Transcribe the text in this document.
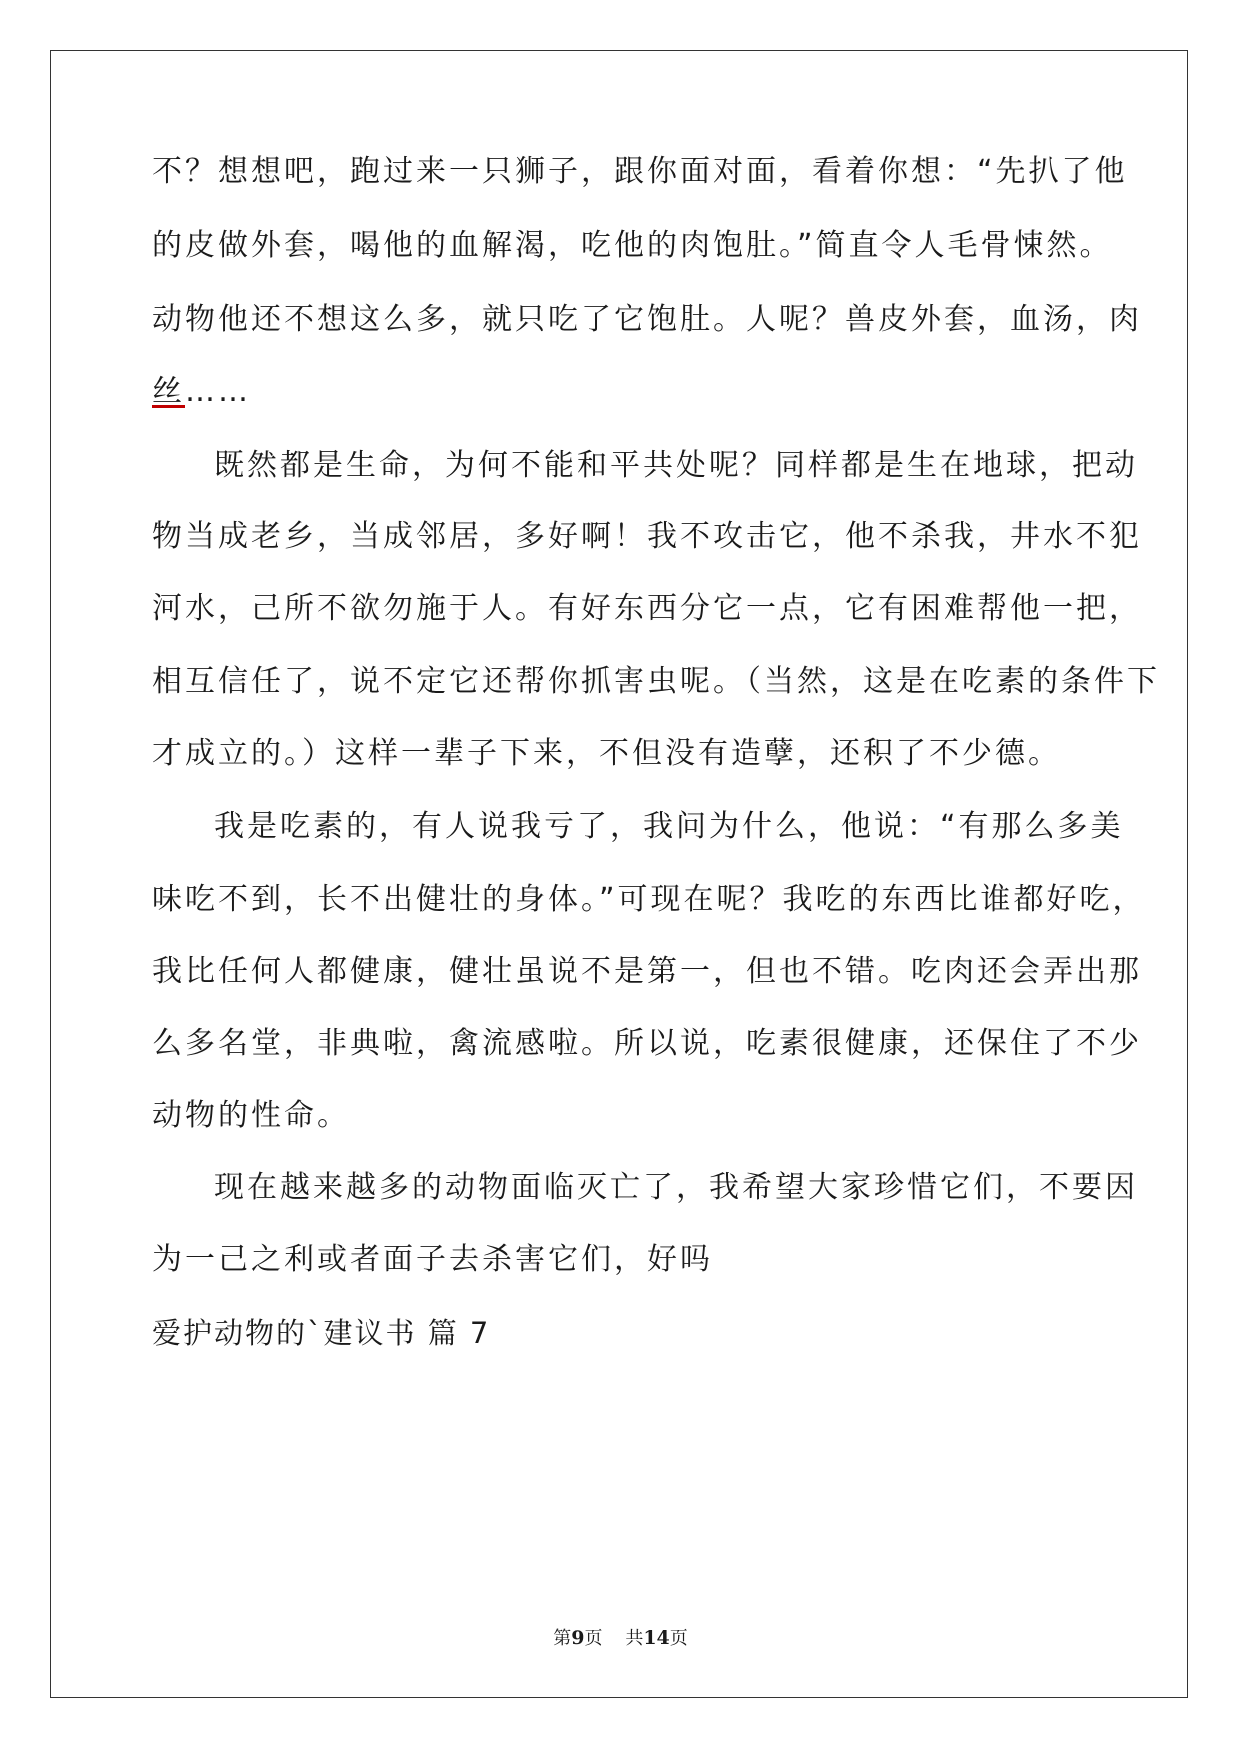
不？想想吧，跑过来一只狮子，跟你面对面，看着你想：“先扒了他
的皮做外套，喝他的血解渴，吃他的肉饱肚。”简直令人毛骨悚然。
动物他还不想这么多，就只吃了它饱肚。人呢？兽皮外套，血汤，肉
丝……
既然都是生命，为何不能和平共处呢？同样都是生在地球，把动
物当成老乡，当成邻居，多好啊！我不攻击它，他不杀我，井水不犯
河水，己所不欲勿施于人。有好东西分它一点，它有困难帮他一把，
相互信任了，说不定它还帮你抓害虫呢。（当然，这是在吃素的条件下
才成立的。）这样一辈子下来，不但没有造孽，还积了不少德。
我是吃素的，有人说我亏了，我问为什么，他说：“有那么多美
味吃不到，长不出健壮的身体。”可现在呢？我吃的东西比谁都好吃，
我比任何人都健康，健壮虽说不是第一，但也不错。吃肉还会弄出那
么多名堂，非典啦，禽流感啦。所以说，吃素很健康，还保住了不少
动物的性命。
现在越来越多的动物面临灭亡了，我希望大家珍惜它们，不要因
为一己之利或者面子去杀害它们，好吗
爱护动物的`建议书 篇 7
第9页    共14页
